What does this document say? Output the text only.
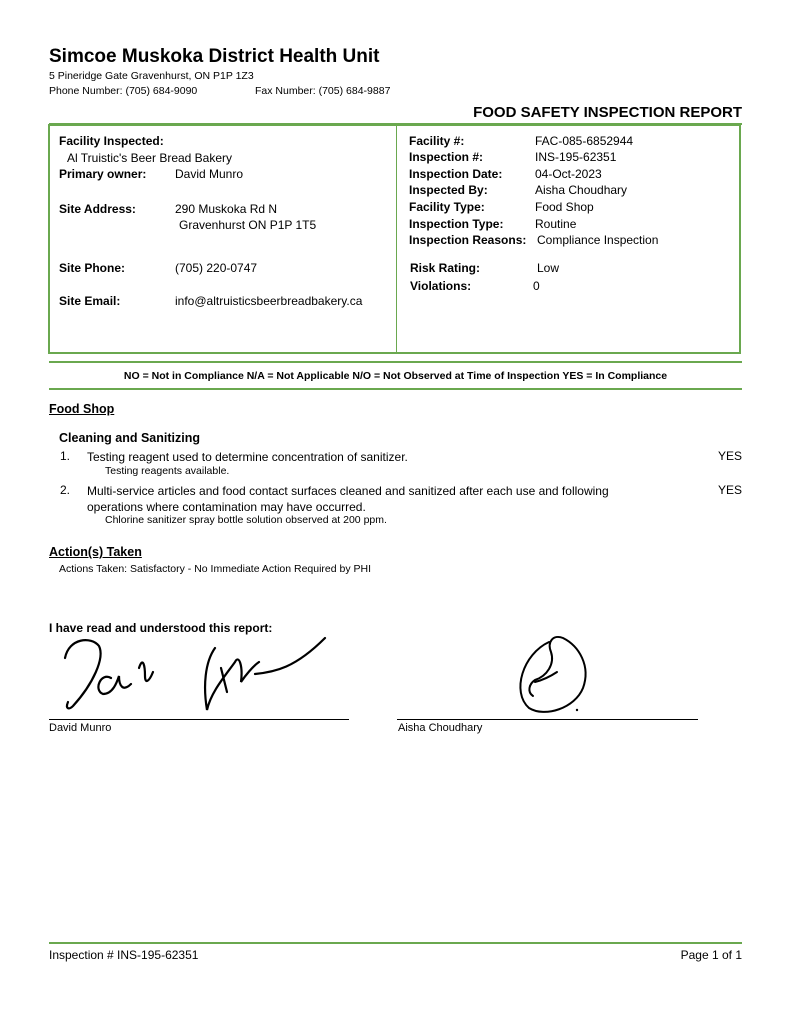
Simcoe Muskoka District Health Unit
5 Pineridge Gate Gravenhurst, ON P1P 1Z3
Phone Number: (705) 684-9090	Fax Number: (705) 684-9887
FOOD SAFETY INSPECTION REPORT
Facility Inspected:
Al Truistic's Beer Bread Bakery
Primary owner: David Munro
Site Address:	290 Muskoka Rd N
Gravenhurst ON P1P 1T5
Site Phone:	(705) 220-0747
Site Email:	info@altruisticsbeerbreadbakery.ca
Facility #:	FAC-085-6852944
Inspection #:	INS-195-62351
Inspection Date:	04-Oct-2023
Inspected By:	Aisha Choudhary
Facility Type:	Food Shop
Inspection Type:	Routine
Inspection Reasons: Compliance Inspection
Risk Rating:	Low
Violations:	0
NO = Not in Compliance N/A = Not Applicable N/O = Not Observed at Time of Inspection YES = In Compliance
Food Shop
Cleaning and Sanitizing
1. Testing reagent used to determine concentration of sanitizer.
Testing reagents available.
YES
2. Multi-service articles and food contact surfaces cleaned and sanitized after each use and following operations where contamination may have occurred.
Chlorine sanitizer spray bottle solution observed at 200 ppm.
YES
Action(s) Taken
Actions Taken: Satisfactory - No Immediate Action Required by PHI
I have read and understood this report:
David Munro	Aisha Choudhary
Inspection # INS-195-62351	Page 1 of 1
